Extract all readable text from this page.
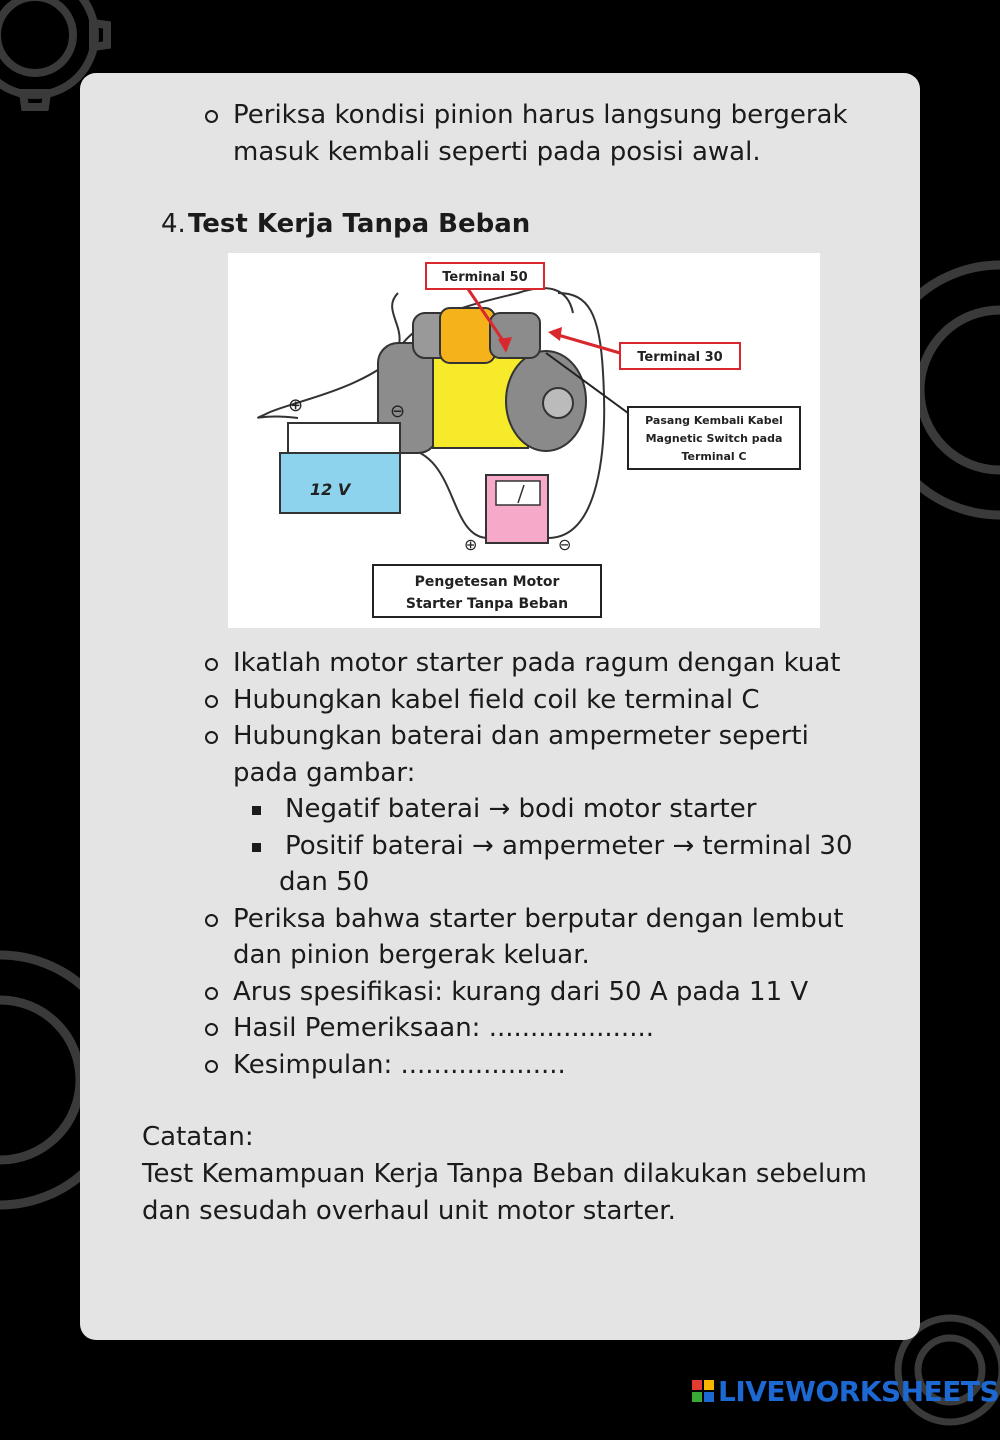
Periksa kondisi pinion harus langsung bergerak
masuk kembali seperti pada posisi awal.
4. Test Kerja Tanpa Beban
12 V
⊕	⊖
⊕	⊖
Terminal 50
Terminal 30
Pasang Kembali Kabel
Magnetic Switch pada
Terminal C
Pengetesan Motor
Starter Tanpa Beban
Ikatlah motor starter pada ragum dengan kuat
Hubungkan kabel field coil ke terminal C
Hubungkan baterai dan ampermeter seperti
pada gambar:
Negatif baterai → bodi motor starter
Positif baterai → ampermeter → terminal 30
dan 50
Periksa bahwa starter berputar dengan lembut
dan pinion bergerak keluar.
Arus spesifikasi: kurang dari 50 A pada 11 V
Hasil Pemeriksaan: ....................
Kesimpulan: ....................
Catatan:
Test Kemampuan Kerja Tanpa Beban dilakukan sebelum
dan sesudah overhaul unit motor starter.
LIVEWORKSHEETS
